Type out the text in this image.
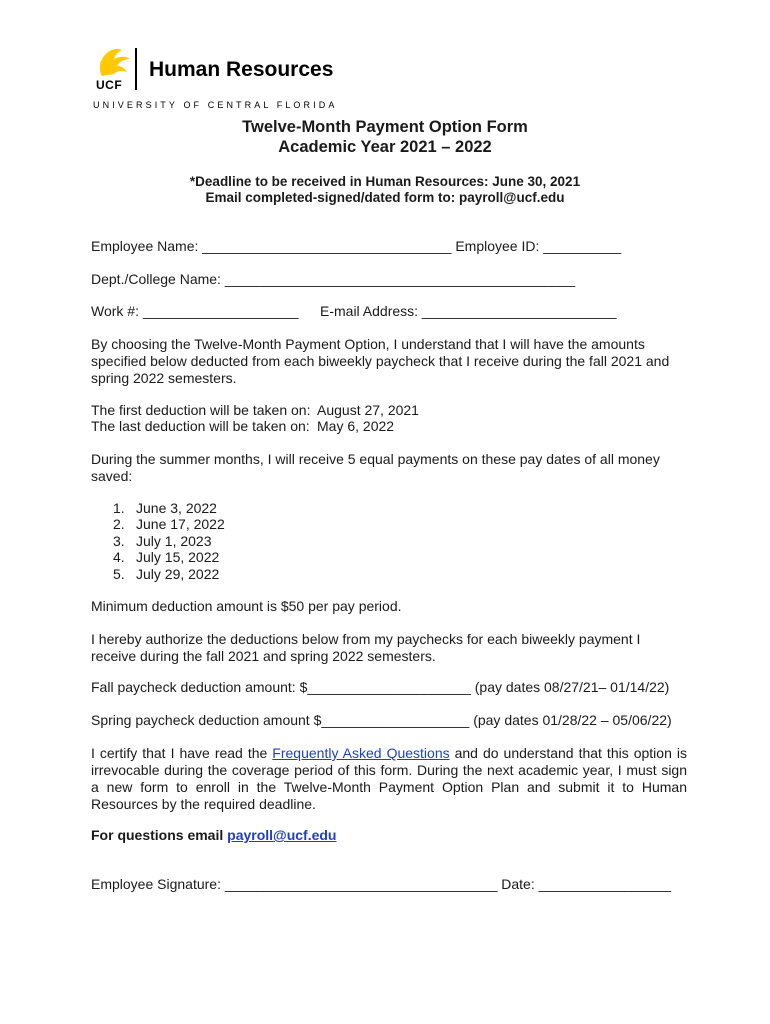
UCF
Human Resources
UNIVERSITY OF CENTRAL FLORIDA
Twelve-Month Payment Option Form
Academic Year 2021 – 2022
*Deadline to be received in Human Resources: June 30, 2021
Email completed-signed/dated form to: payroll@ucf.edu
Employee Name: ________________________________ Employee ID: __________
Dept./College Name: _____________________________________________
Work #: ____________________ E-mail Address: _________________________
By choosing the Twelve-Month Payment Option, I understand that I will have the amounts specified below deducted from each biweekly paycheck that I receive during the fall 2021 and spring 2022 semesters.
The first deduction will be taken on: August 27, 2021
The last deduction will be taken on: May 6, 2022
During the summer months, I will receive 5 equal payments on these pay dates of all money saved:
1. June 3, 2022
2. June 17, 2022
3. July 1, 2023
4. July 15, 2022
5. July 29, 2022
Minimum deduction amount is $50 per pay period.
I hereby authorize the deductions below from my paychecks for each biweekly payment I receive during the fall 2021 and spring 2022 semesters.
Fall paycheck deduction amount: $_____________________ (pay dates 08/27/21– 01/14/22)
Spring paycheck deduction amount $___________________ (pay dates 01/28/22 – 05/06/22)
I certify that I have read the Frequently Asked Questions and do understand that this option is irrevocable during the coverage period of this form. During the next academic year, I must sign a new form to enroll in the Twelve-Month Payment Option Plan and submit it to Human Resources by the required deadline.
For questions email payroll@ucf.edu
Employee Signature: ___________________________________ Date: _________________
